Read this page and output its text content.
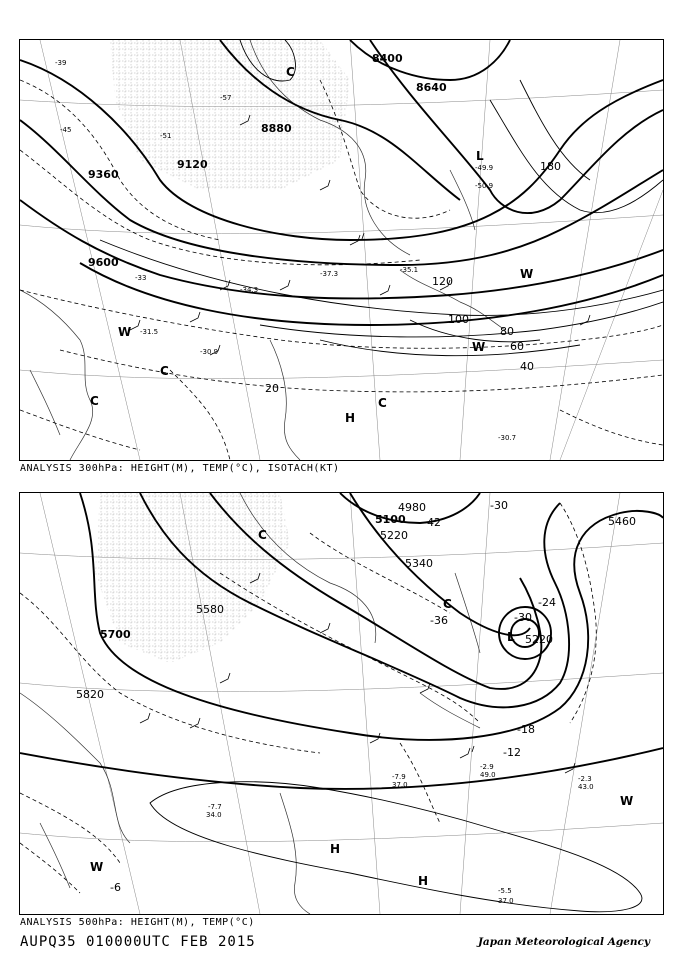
8400
8640
8880
9120
9360
9600
20
40
60
80
100
120
180
-39
-45
-51
-57
-33
-31.5
-30.9
-30.7
-34.3
-37.3	-35.1
-49.9
-50.9
C
C
C	C
W
W
W
H
L
ANALYSIS 300hPa: HEIGHT(M), TEMP(°C), ISOTACH(KT)
4980
5100
5220
5340
5460
5580
5700
5820
5220
-42
-36	-30
-24
-18
-12
-6
-30
-7.7
34.0
-5.5
37.0
-2.3
43.0
-7.9
37.0
-2.9
49.0
C
C
L
H
H
W
W
ANALYSIS 500hPa: HEIGHT(M), TEMP(°C)
AUPQ35 010000UTC FEB 2015	Japan Meteorological Agency
